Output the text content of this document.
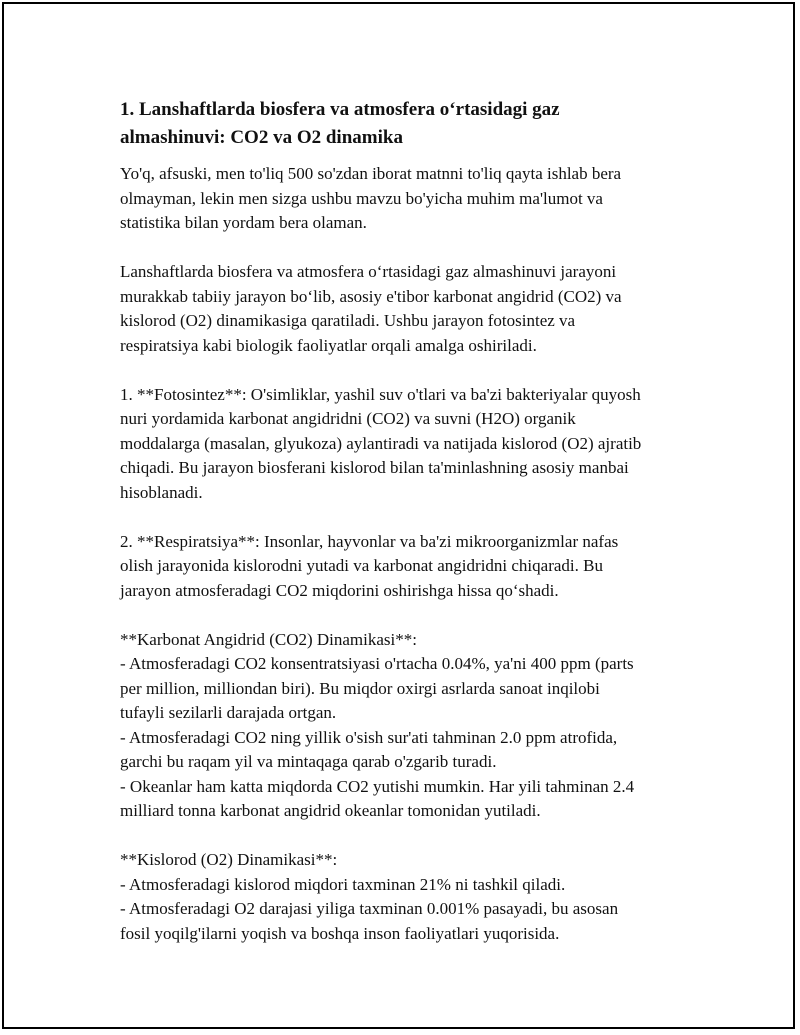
1. Lanshaftlarda biosfera va atmosfera oʻrtasidagi gaz
almashinuvi: CO2 va O2 dinamika
Yo'q, afsuski, men to'liq 500 so'zdan iborat matnni to'liq qayta ishlab bera
olmayman, lekin men sizga ushbu mavzu bo'yicha muhim ma'lumot va
statistika bilan yordam bera olaman.
Lanshaftlarda biosfera va atmosfera oʻrtasidagi gaz almashinuvi jarayoni
murakkab tabiiy jarayon boʻlib, asosiy e'tibor karbonat angidrid (CO2) va
kislorod (O2) dinamikasiga qaratiladi. Ushbu jarayon fotosintez va
respiratsiya kabi biologik faoliyatlar orqali amalga oshiriladi.
1. **Fotosintez**: O'simliklar, yashil suv o'tlari va ba'zi bakteriyalar quyosh
nuri yordamida karbonat angidridni (CO2) va suvni (H2O) organik
moddalarga (masalan, glyukoza) aylantiradi va natijada kislorod (O2) ajratib
chiqadi. Bu jarayon biosferani kislorod bilan ta'minlashning asosiy manbai
hisoblanadi.
2. **Respiratsiya**: Insonlar, hayvonlar va ba'zi mikroorganizmlar nafas
olish jarayonida kislorodni yutadi va karbonat angidridni chiqaradi. Bu
jarayon atmosferadagi CO2 miqdorini oshirishga hissa qoʻshadi.
**Karbonat Angidrid (CO2) Dinamikasi**:
- Atmosferadagi CO2 konsentratsiyasi o'rtacha 0.04%, ya'ni 400 ppm (parts
per million, milliondan biri). Bu miqdor oxirgi asrlarda sanoat inqilobi
tufayli sezilarli darajada ortgan.
- Atmosferadagi CO2 ning yillik o'sish sur'ati tahminan 2.0 ppm atrofida,
garchi bu raqam yil va mintaqaga qarab o'zgarib turadi.
- Okeanlar ham katta miqdorda CO2 yutishi mumkin. Har yili tahminan 2.4
milliard tonna karbonat angidrid okeanlar tomonidan yutiladi.
**Kislorod (O2) Dinamikasi**:
- Atmosferadagi kislorod miqdori taxminan 21% ni tashkil qiladi.
- Atmosferadagi O2 darajasi yiliga taxminan 0.001% pasayadi, bu asosan
fosil yoqilg'ilarni yoqish va boshqa inson faoliyatlari yuqorisida.
